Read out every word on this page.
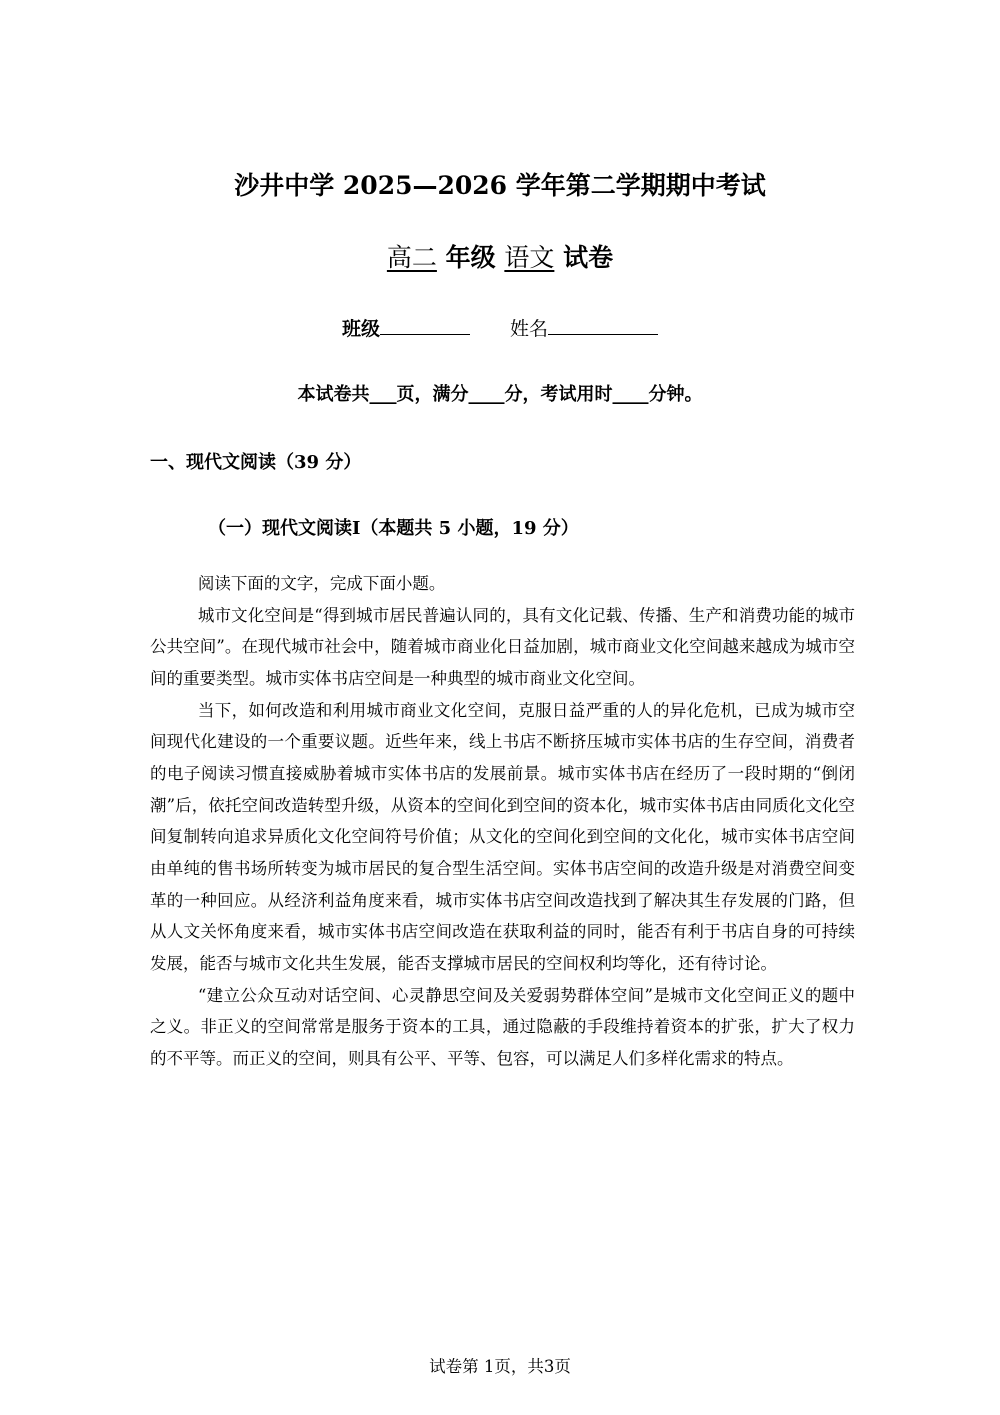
沙井中学 2025—2026 学年第二学期期中考试
高二 年级 语文 试卷
班级	姓名
本试卷共___页，满分____分，考试用时____分钟。
一、现代文阅读（39 分）
（一）现代文阅读Ⅰ（本题共 5 小题，19 分）

阅读下面的文字，完成下面小题。

城市文化空间是“得到城市居民普遍认同的，具有文化记载、传播、生产和消费功能的城市公共空间”。在现代城市社会中，随着城市商业化日益加剧，城市商业文化空间越来越成为城市空间的重要类型。城市实体书店空间是一种典型的城市商业文化空间。

当下，如何改造和利用城市商业文化空间，克服日益严重的人的异化危机，已成为城市空间现代化建设的一个重要议题。近些年来，线上书店不断挤压城市实体书店的生存空间，消费者的电子阅读习惯直接威胁着城市实体书店的发展前景。城市实体书店在经历了一段时期的“倒闭潮”后，依托空间改造转型升级，从资本的空间化到空间的资本化，城市实体书店由同质化文化空间复制转向追求异质化文化空间符号价值；从文化的空间化到空间的文化化，城市实体书店空间由单纯的售书场所转变为城市居民的复合型生活空间。实体书店空间的改造升级是对消费空间变革的一种回应。从经济利益角度来看，城市实体书店空间改造找到了解决其生存发展的门路，但从人文关怀角度来看，城市实体书店空间改造在获取利益的同时，能否有利于书店自身的可持续发展，能否与城市文化共生发展，能否支撑城市居民的空间权利均等化，还有待讨论。

“建立公众互动对话空间、心灵静思空间及关爱弱势群体空间”是城市文化空间正义的题中之义。非正义的空间常常是服务于资本的工具，通过隐蔽的手段维持着资本的扩张，扩大了权力的不平等。而正义的空间，则具有公平、平等、包容，可以满足人们多样化需求的特点。

试卷第 1页，共3页
